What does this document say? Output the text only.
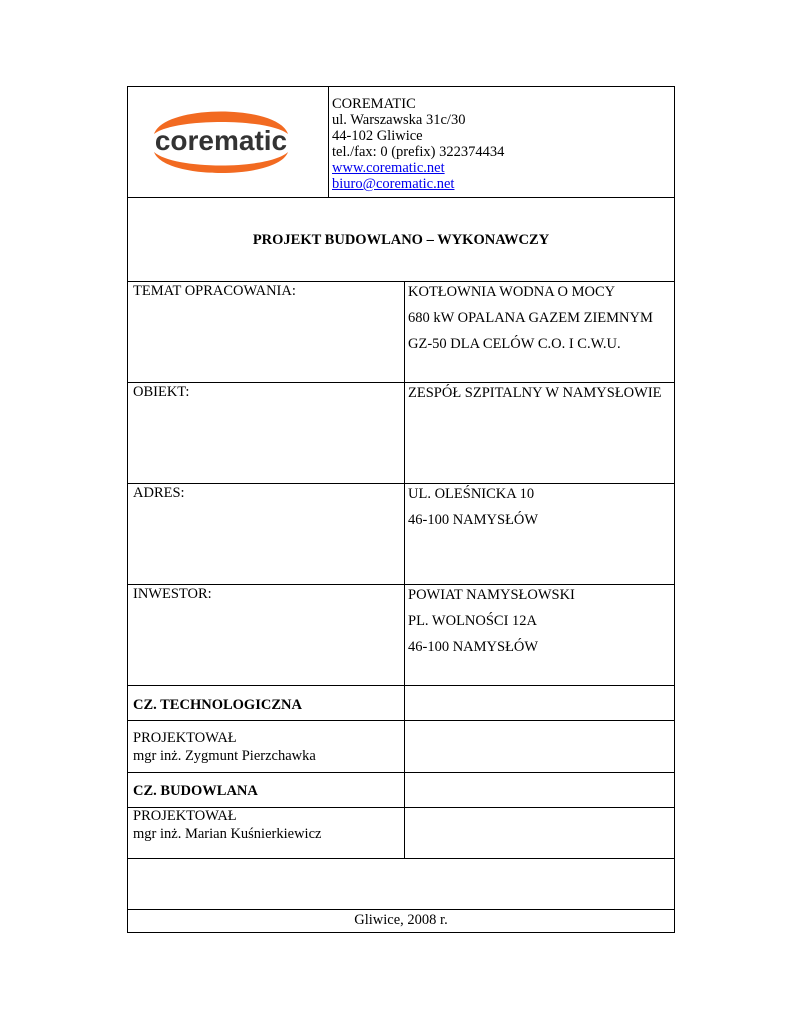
corematic
COREMATIC
ul. Warszawska 31c/30
44-102 Gliwice
tel./fax: 0 (prefix) 322374434
www.corematic.net
biuro@corematic.net
PROJEKT BUDOWLANO – WYKONAWCZY
TEMAT OPRACOWANIA:	KOTŁOWNIA WODNA O MOCY
680 kW OPALANA GAZEM ZIEMNYM
GZ-50 DLA CELÓW C.O. I C.W.U.
OBIEKT:	ZESPÓŁ SZPITALNY W NAMYSŁOWIE
ADRES:	UL. OLEŚNICKA 10
46-100 NAMYSŁÓW
INWESTOR:	POWIAT NAMYSŁOWSKI
PL. WOLNOŚCI 12A
46-100 NAMYSŁÓW
CZ. TECHNOLOGICZNA
PROJEKTOWAŁ
mgr inż. Zygmunt Pierzchawka
CZ. BUDOWLANA
PROJEKTOWAŁ
mgr inż. Marian Kuśnierkiewicz
Gliwice, 2008 r.
